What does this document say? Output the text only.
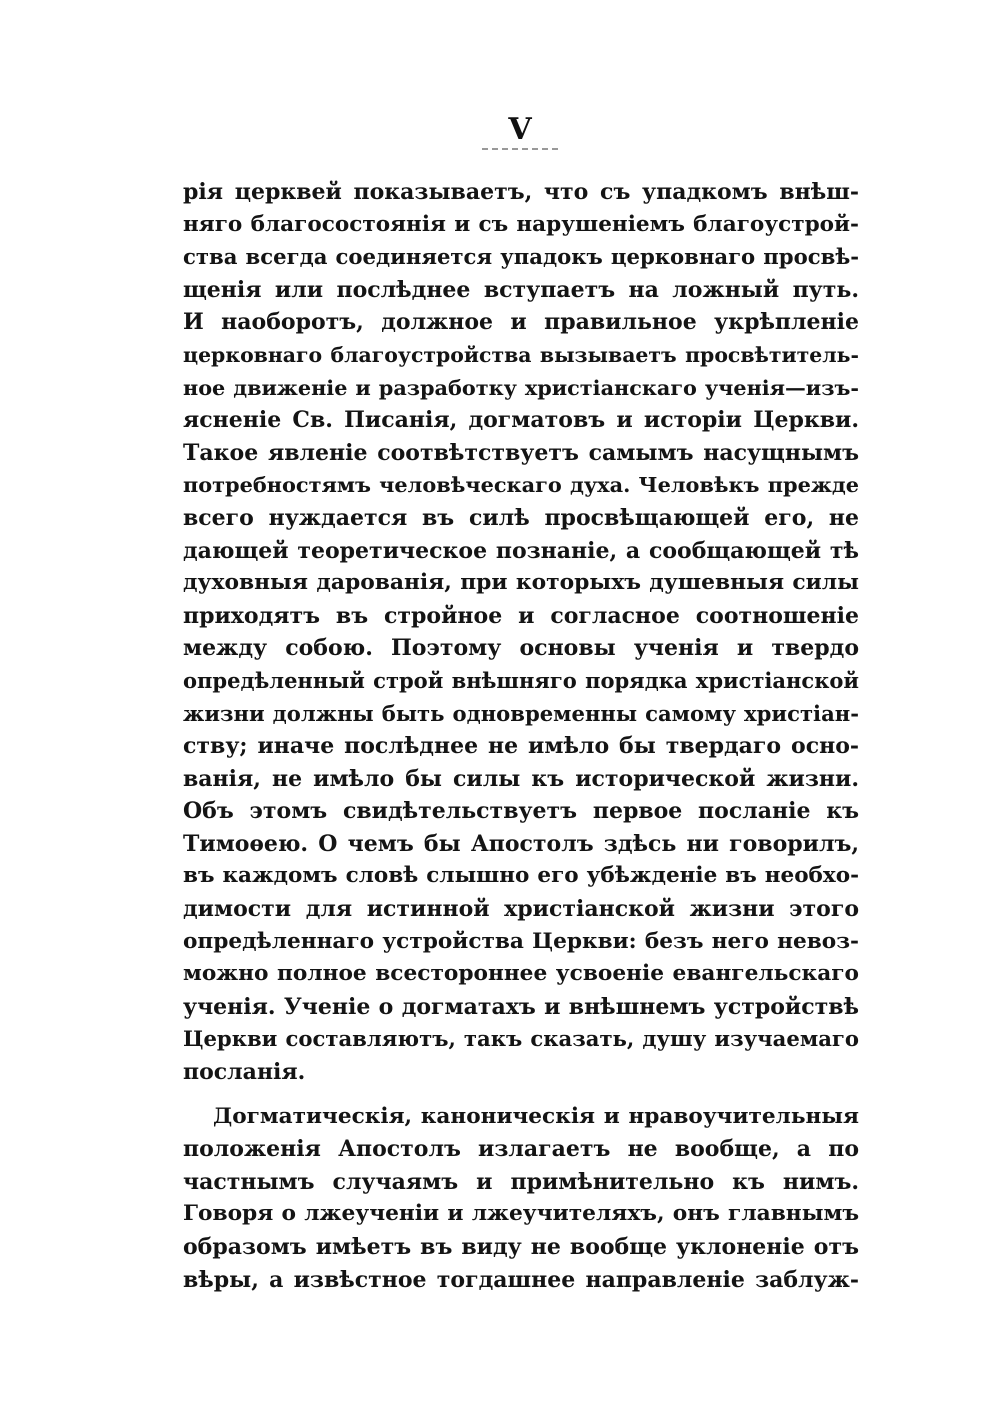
V
рія церквей показываетъ, что съ упадкомъ внѣш-
няго благосостоянія и съ нарушеніемъ благоустрой-
ства всегда соединяется упадокъ церковнаго просвѣ-
щенія или послѣднее вступаетъ на ложный путь.
И наоборотъ, должное и правильное укрѣпленіе
церковнаго благоустройства вызываетъ просвѣтитель-
ное движеніе и разработку христіанскаго ученія—изъ-
ясненіе Св. Писанія, догматовъ и исторіи Церкви.
Такое явленіе соотвѣтствуетъ самымъ насущнымъ
потребностямъ человѣческаго духа. Человѣкъ прежде
всего нуждается въ силѣ просвѣщающей его, не
дающей теоретическое познаніе, а сообщающей тѣ
духовныя дарованія, при которыхъ душевныя силы
приходятъ въ стройное и согласное соотношеніе
между собою. Поэтому основы ученія и твердо
опредѣленный строй внѣшняго порядка христіанской
жизни должны быть одновременны самому христіан-
ству; иначе послѣднее не имѣло бы твердаго осно-
ванія, не имѣло бы силы къ исторической жизни.
Объ этомъ свидѣтельствуетъ первое посланіе къ
Тимоѳею. О чемъ бы Апостолъ здѣсь ни говорилъ,
въ каждомъ словѣ слышно его убѣжденіе въ необхо-
димости для истинной христіанской жизни этого
опредѣленнаго устройства Церкви: безъ него невоз-
можно полное всестороннее усвоеніе евангельскаго
ученія. Ученіе о догматахъ и внѣшнемъ устройствѣ
Церкви составляютъ, такъ сказать, душу изучаемаго
посланія.
Догматическія, каноническія и нравоучительныя
положенія Апостолъ излагаетъ не вообще, а по
частнымъ случаямъ и примѣнительно къ нимъ.
Говоря о лжеученіи и лжеучителяхъ, онъ главнымъ
образомъ имѣетъ въ виду не вообще уклоненіе отъ
вѣры, а извѣстное тогдашнее направленіе заблуж-
